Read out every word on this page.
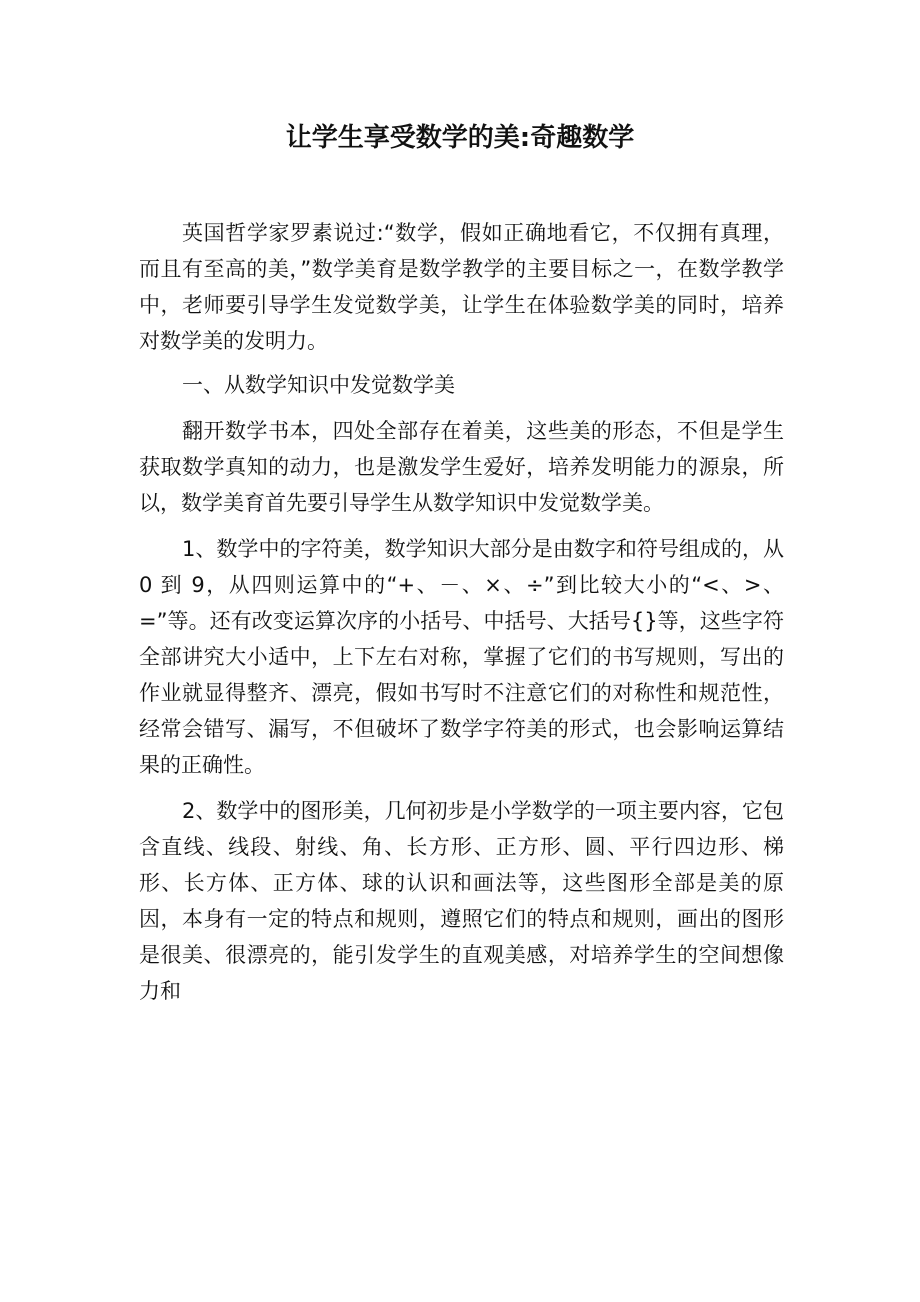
让学生享受数学的美:奇趣数学

英国哲学家罗素说过:“数学，假如正确地看它，不仅拥有真理，而且有至高的美，”数学美育是数学教学的主要目标之一，在数学教学中，老师要引导学生发觉数学美，让学生在体验数学美的同时，培养对数学美的发明力。

一、从数学知识中发觉数学美

翻开数学书本，四处全部存在着美，这些美的形态，不但是学生获取数学真知的动力，也是激发学生爱好，培养发明能力的源泉，所以，数学美育首先要引导学生从数学知识中发觉数学美。

1、数学中的字符美，数学知识大部分是由数字和符号组成的，从 0 到 9，从四则运算中的“+、－、×、÷”到比较大小的“<、>、=”等。还有改变运算次序的小括号、中括号、大括号{}等，这些字符全部讲究大小适中，上下左右对称，掌握了它们的书写规则，写出的作业就显得整齐、漂亮，假如书写时不注意它们的对称性和规范性，经常会错写、漏写，不但破坏了数学字符美的形式，也会影响运算结果的正确性。

2、数学中的图形美，几何初步是小学数学的一项主要内容，它包含直线、线段、射线、角、长方形、正方形、圆、平行四边形、梯形、长方体、正方体、球的认识和画法等，这些图形全部是美的原因，本身有一定的特点和规则，遵照它们的特点和规则，画出的图形是很美、很漂亮的，能引发学生的直观美感，对培养学生的空间想像力和
